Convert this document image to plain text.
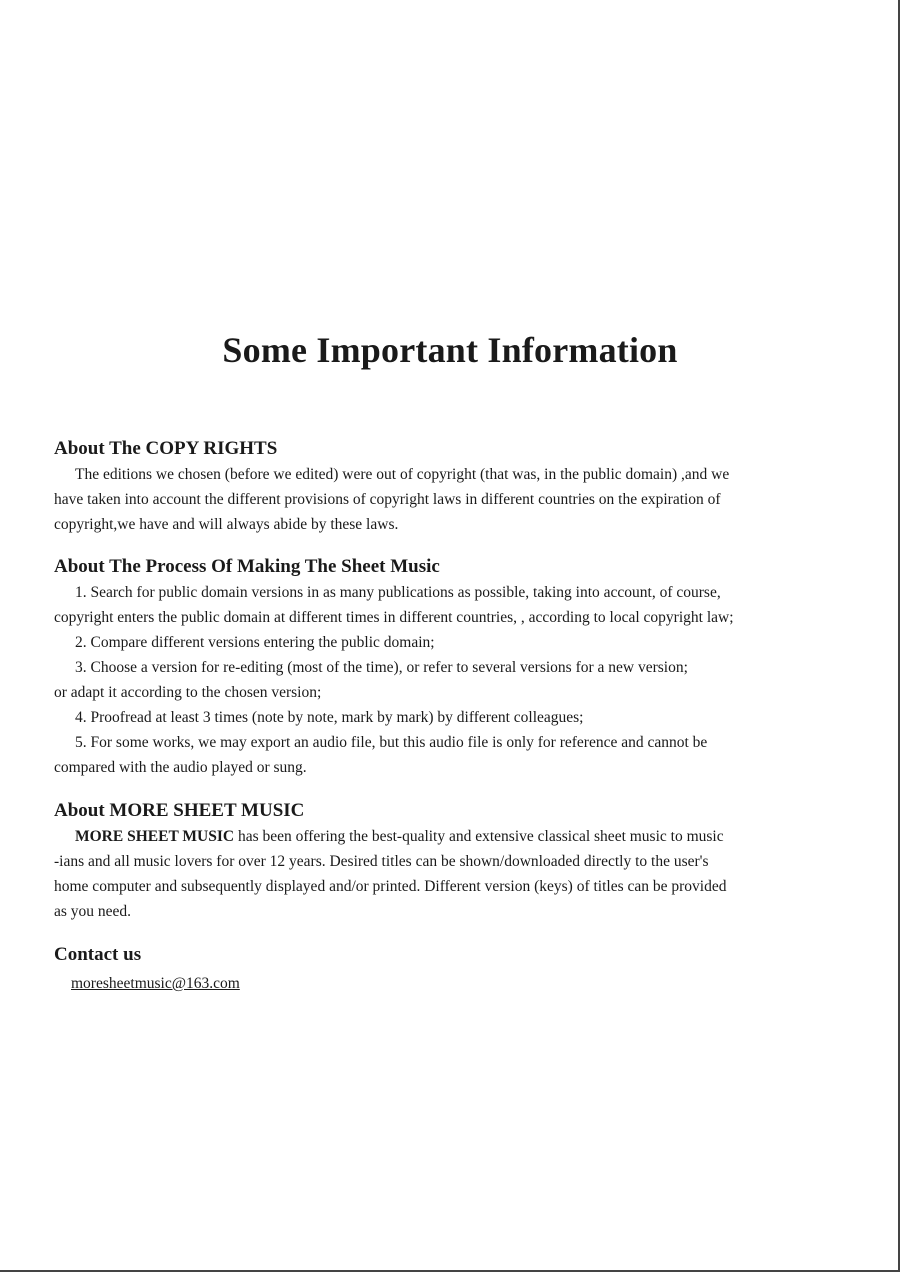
Some Important Information

About The COPY RIGHTS

The editions we chosen (before we edited) were out of copyright (that was, in the public domain) ,and we

have taken into account the different provisions of copyright laws in different countries on the expiration of

copyright,we have and will always abide by these laws.

About The Process Of Making The Sheet Music

1. Search for public domain versions in as many publications as possible, taking into account, of course,

copyright enters the public domain at different times in different countries, , according to local copyright law;

2. Compare different versions entering the public domain;

3. Choose a version for re-editing (most of the time), or refer to several versions for a new version;

or adapt it according to the chosen version;

4. Proofread at least 3 times (note by note, mark by mark) by different colleagues;

5. For some works, we may export an audio file, but this audio file is only for reference and cannot be

compared with the audio played or sung.

About MORE SHEET MUSIC

MORE SHEET MUSIC has been offering the best-quality and extensive classical sheet music to music

-ians and all music lovers for over 12 years. Desired titles can be shown/downloaded directly to the user's

home computer and subsequently displayed and/or printed. Different version (keys) of titles can be provided

as you need.

Contact us

moresheetmusic@163.com
